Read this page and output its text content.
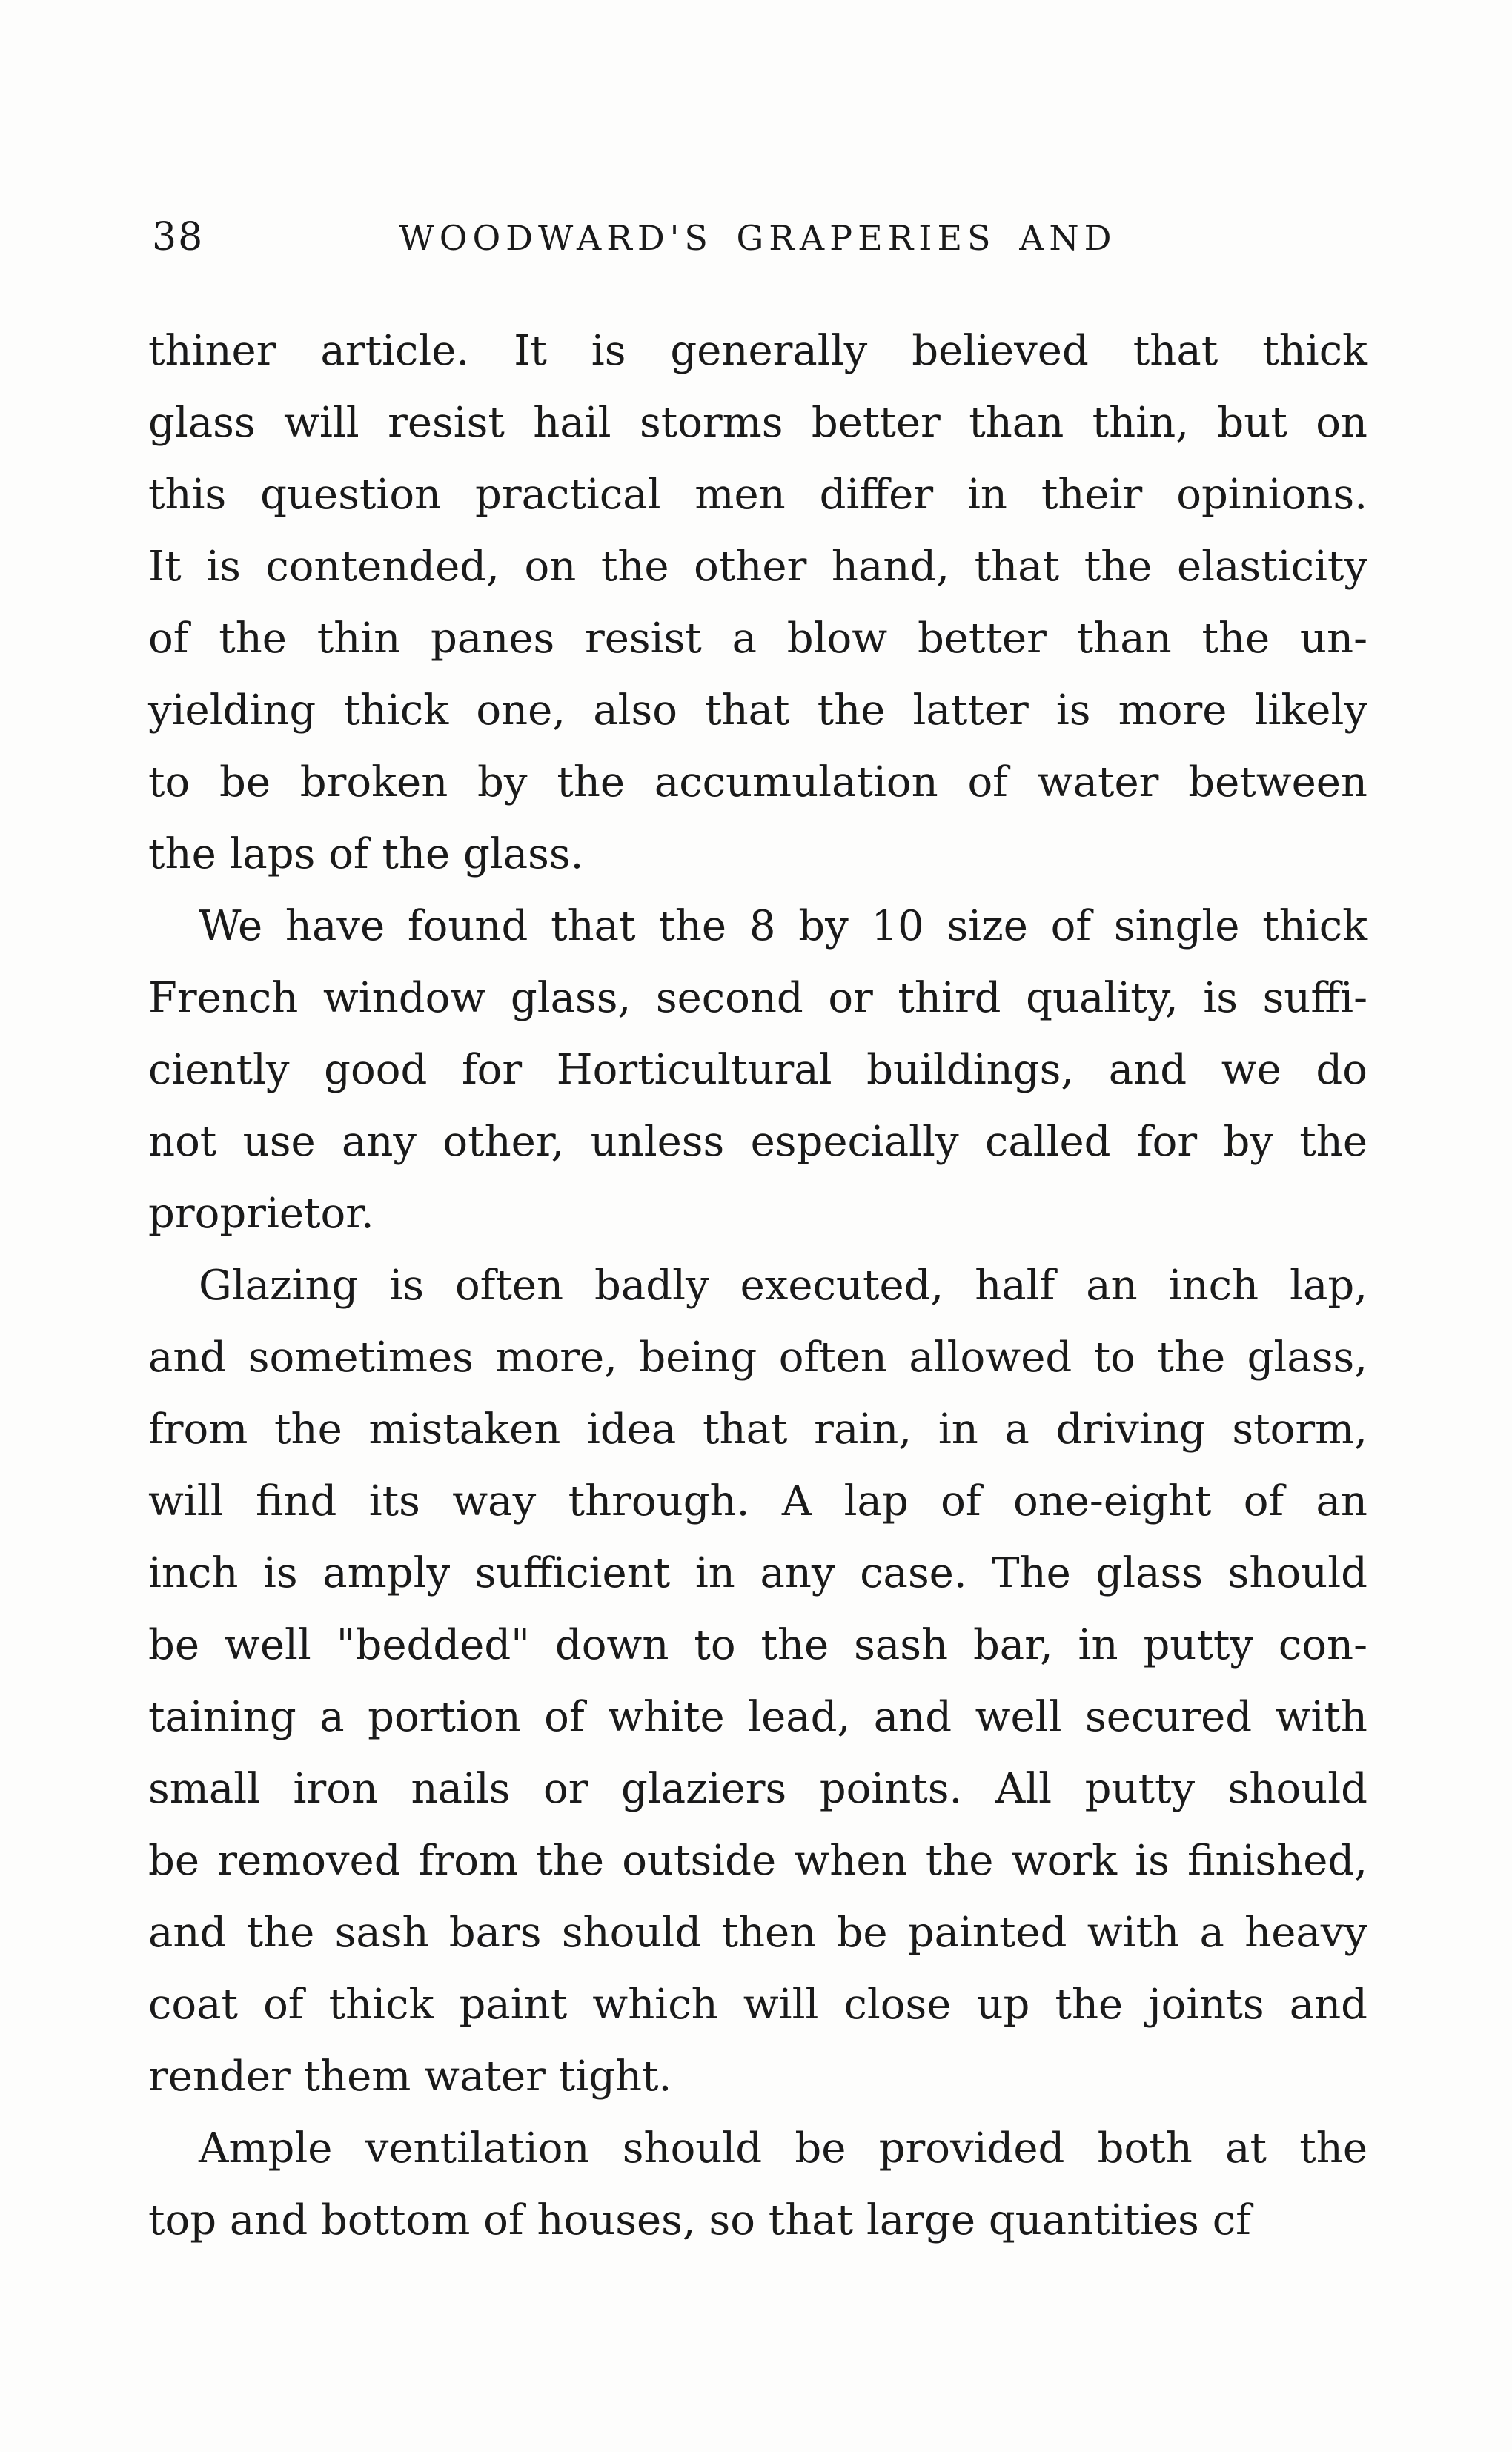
38	WOODWARD'S GRAPERIES AND
thiner article. It is generally believed that thick
glass will resist hail storms better than thin, but on
this question practical men differ in their opinions.
It is contended, on the other hand, that the elasticity
of the thin panes resist a blow better than the un-
yielding thick one, also that the latter is more likely
to be broken by the accumulation of water between
the laps of the glass.
We have found that the 8 by 10 size of single thick
French window glass, second or third quality, is suffi-
ciently good for Horticultural buildings, and we do
not use any other, unless especially called for by the
proprietor.
Glazing is often badly executed, half an inch lap,
and sometimes more, being often allowed to the glass,
from the mistaken idea that rain, in a driving storm,
will find its way through. A lap of one-eight of an
inch is amply sufficient in any case. The glass should
be well "bedded" down to the sash bar, in putty con-
taining a portion of white lead, and well secured with
small iron nails or glaziers points. All putty should
be removed from the outside when the work is finished,
and the sash bars should then be painted with a heavy
coat of thick paint which will close up the joints and
render them water tight.
Ample ventilation should be provided both at the
top and bottom of houses, so that large quantities cf
